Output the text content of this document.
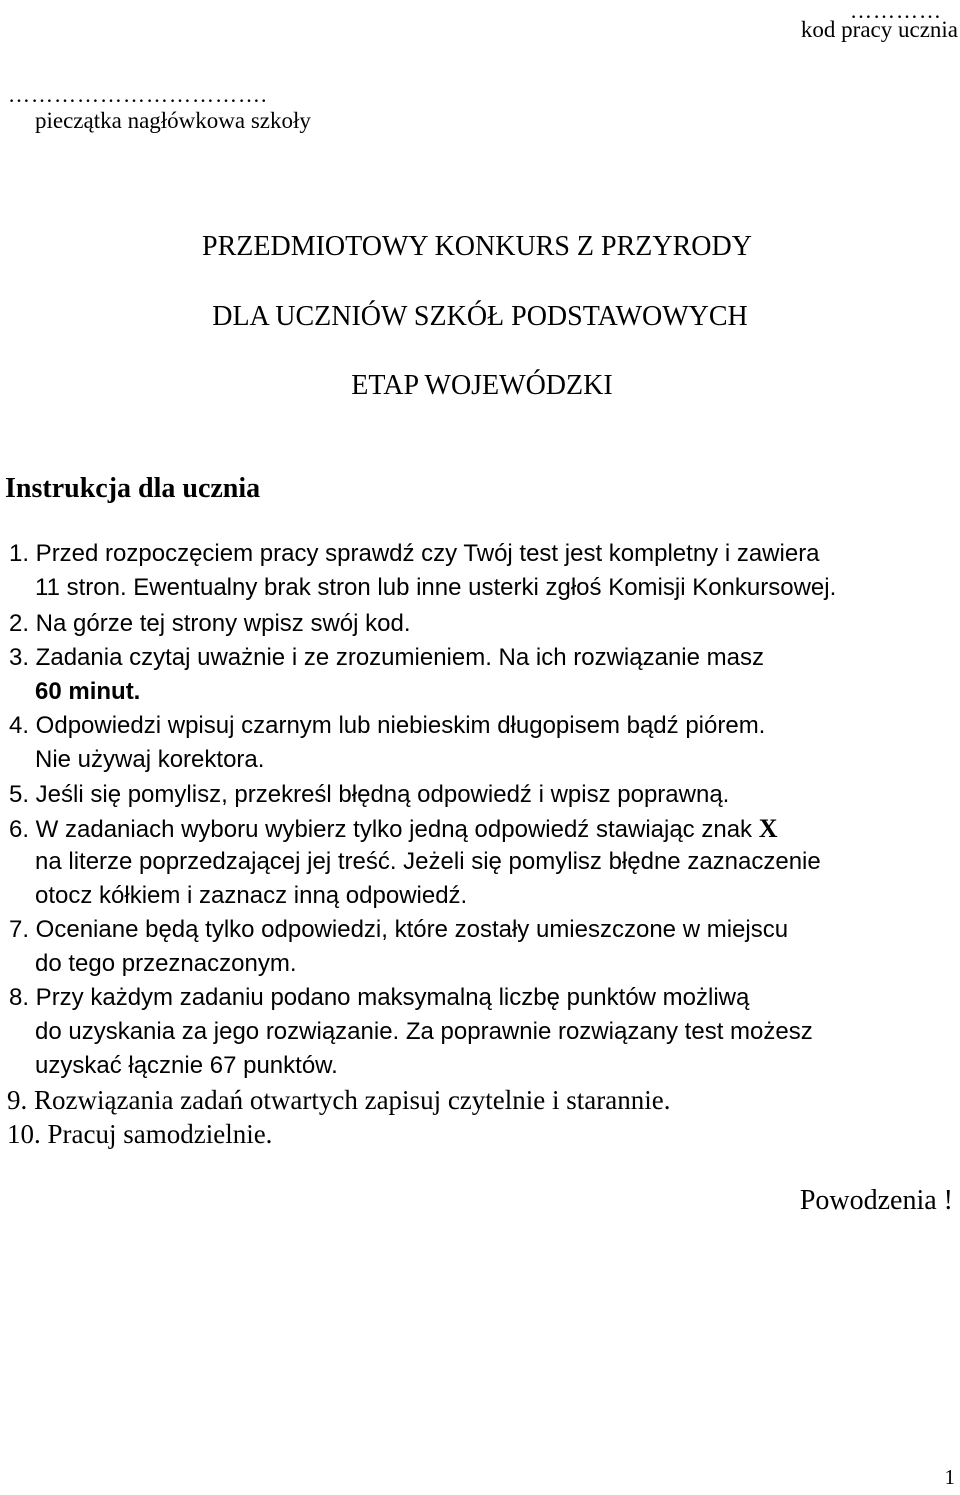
…………
kod pracy ucznia
…………………………….
pieczątka nagłówkowa szkoły
PRZEDMIOTOWY KONKURS Z PRZYRODY
DLA UCZNIÓW SZKÓŁ PODSTAWOWYCH
ETAP WOJEWÓDZKI
Instrukcja dla ucznia
1. Przed rozpoczęciem pracy sprawdź czy Twój test jest kompletny i zawiera
11 stron. Ewentualny brak stron lub inne usterki zgłoś Komisji Konkursowej.
2. Na górze tej strony wpisz swój kod.
3. Zadania czytaj uważnie i ze zrozumieniem. Na ich rozwiązanie masz
60 minut.
4. Odpowiedzi wpisuj czarnym lub niebieskim długopisem bądź piórem.
Nie używaj korektora.
5. Jeśli się pomylisz, przekreśl błędną odpowiedź i wpisz poprawną.
6. W zadaniach wyboru wybierz tylko jedną odpowiedź stawiając znak X
na literze poprzedzającej jej treść. Jeżeli się pomylisz błędne zaznaczenie
otocz kółkiem i zaznacz inną odpowiedź.
7. Oceniane będą tylko odpowiedzi, które zostały umieszczone w miejscu
do tego przeznaczonym.
8. Przy każdym zadaniu podano maksymalną liczbę punktów możliwą
do uzyskania za jego rozwiązanie. Za poprawnie rozwiązany test możesz
uzyskać łącznie 67 punktów.
9. Rozwiązania zadań otwartych zapisuj czytelnie i starannie.
10. Pracuj samodzielnie.
Powodzenia !
1
